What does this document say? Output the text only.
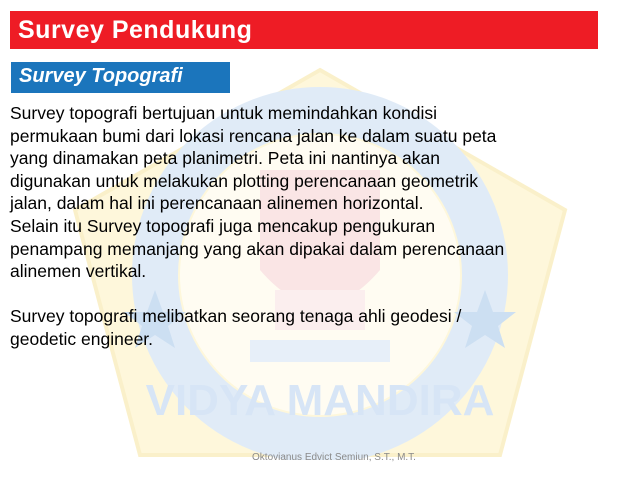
VIDYA MANDIRA
Survey Pendukung
Survey Topografi

Survey topografi bertujuan untuk memindahkan kondisi
permukaan bumi dari lokasi rencana jalan ke dalam suatu peta
yang dinamakan peta planimetri. Peta ini nantinya akan
digunakan untuk melakukan plotting perencanaan geometrik
jalan, dalam hal ini perencanaan alinemen horizontal.
Selain itu Survey topografi juga mencakup pengukuran
penampang memanjang yang akan dipakai dalam perencanaan
alinemen vertikal.

Survey topografi melibatkan seorang tenaga ahli geodesi /
geodetic engineer.

Oktovianus Edvict Semiun, S.T., M.T.
